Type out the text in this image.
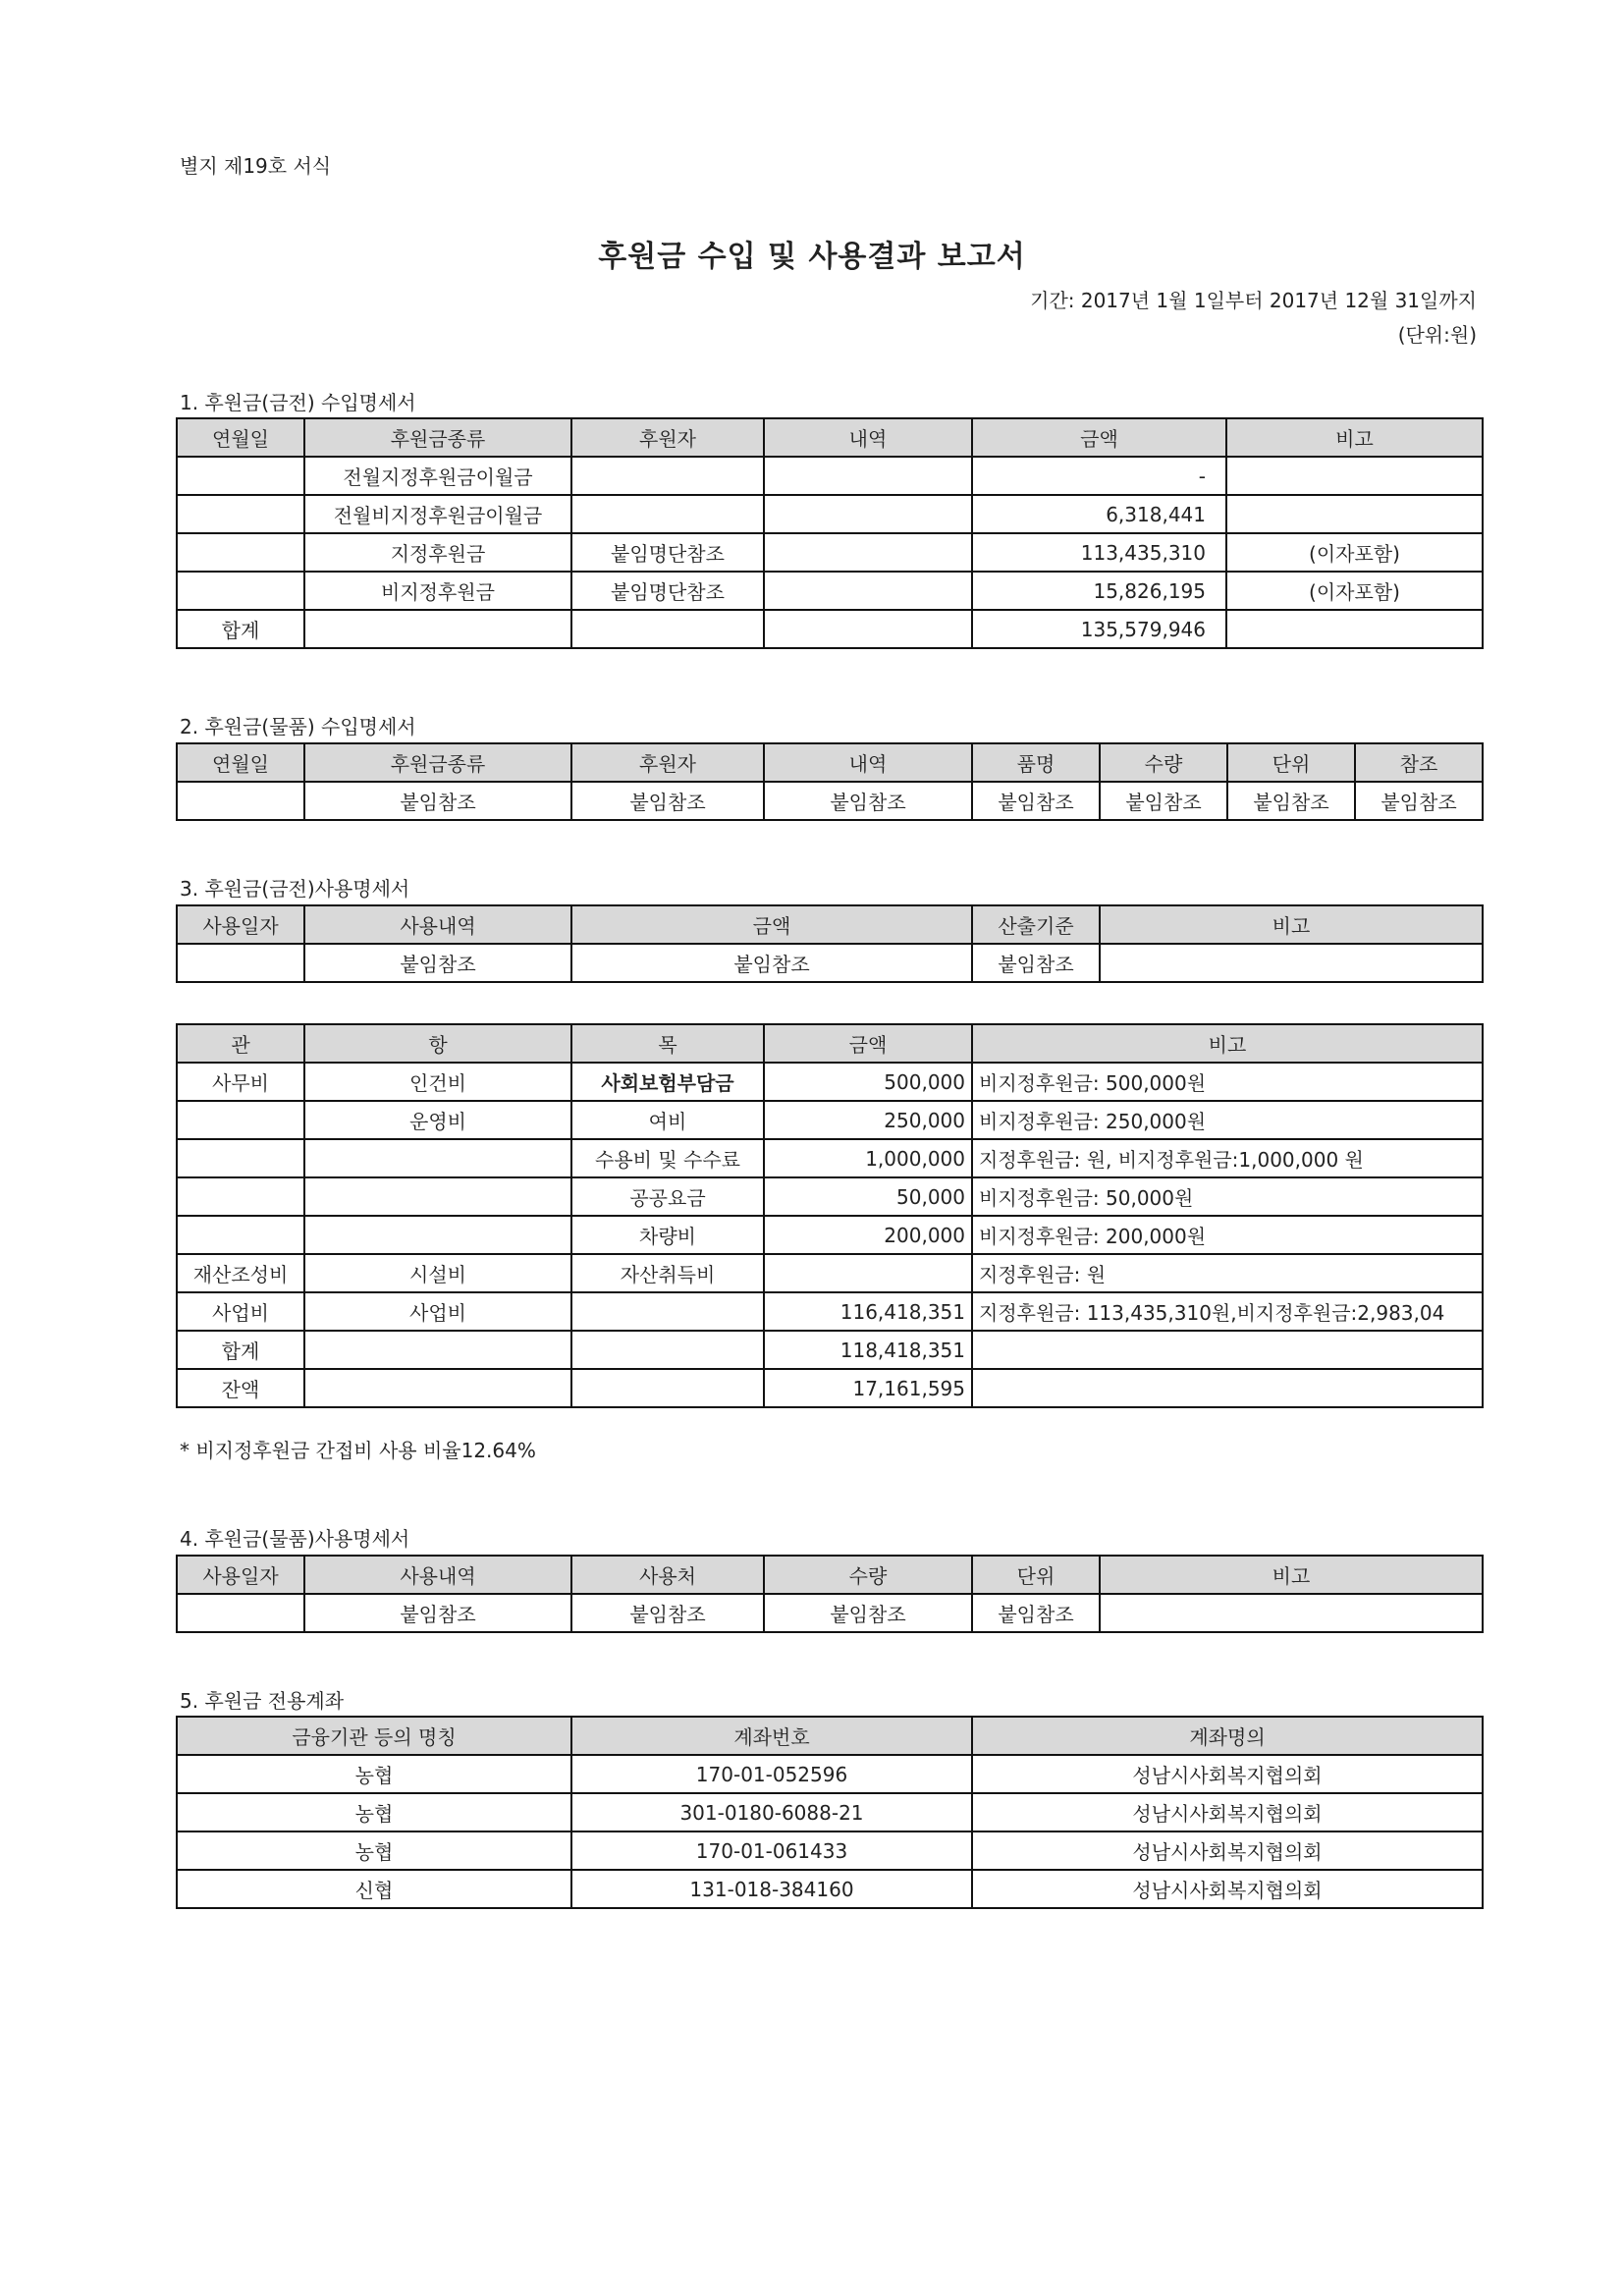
별지 제19호 서식
후원금 수입 및 사용결과 보고서
기간: 2017년 1월 1일부터 2017년 12월 31일까지
(단위:원)
1. 후원금(금전) 수입명세서
연월일	후원금종류	후원자	내역	금액	비고
	전월지정후원금이월금			-	
	전월비지정후원금이월금			6,318,441	
	지정후원금	붙임명단참조		113,435,310	(이자포함)
	비지정후원금	붙임명단참조		15,826,195	(이자포함)
합계				135,579,946	
2. 후원금(물품) 수입명세서
연월일	후원금종류	후원자	내역	품명	수량	단위	참조
	붙임참조	붙임참조	붙임참조	붙임참조	붙임참조	붙임참조	붙임참조
3. 후원금(금전)사용명세서
사용일자	사용내역	금액	산출기준	비고
	붙임참조	붙임참조	붙임참조	
관	항	목	금액	비고
사무비	인건비	사회보험부담금	500,000	비지정후원금: 500,000원
	운영비	여비	250,000	비지정후원금: 250,000원
		수용비 및 수수료	1,000,000	지정후원금: 원, 비지정후원금:1,000,000 원
		공공요금	50,000	비지정후원금: 50,000원
		차량비	200,000	비지정후원금: 200,000원
재산조성비	시설비	자산취득비		지정후원금: 원
사업비	사업비		116,418,351	지정후원금: 113,435,310원,비지정후원금:2,983,04
합계			118,418,351	
잔액			17,161,595	
* 비지정후원금 간접비 사용 비율12.64%
4. 후원금(물품)사용명세서
사용일자	사용내역	사용처	수량	단위	비고
	붙임참조	붙임참조	붙임참조	붙임참조	
5. 후원금 전용계좌
금융기관 등의 명칭	계좌번호	계좌명의
농협	170-01-052596	성남시사회복지협의회
농협	301-0180-6088-21	성남시사회복지협의회
농협	170-01-061433	성남시사회복지협의회
신협	131-018-384160	성남시사회복지협의회
